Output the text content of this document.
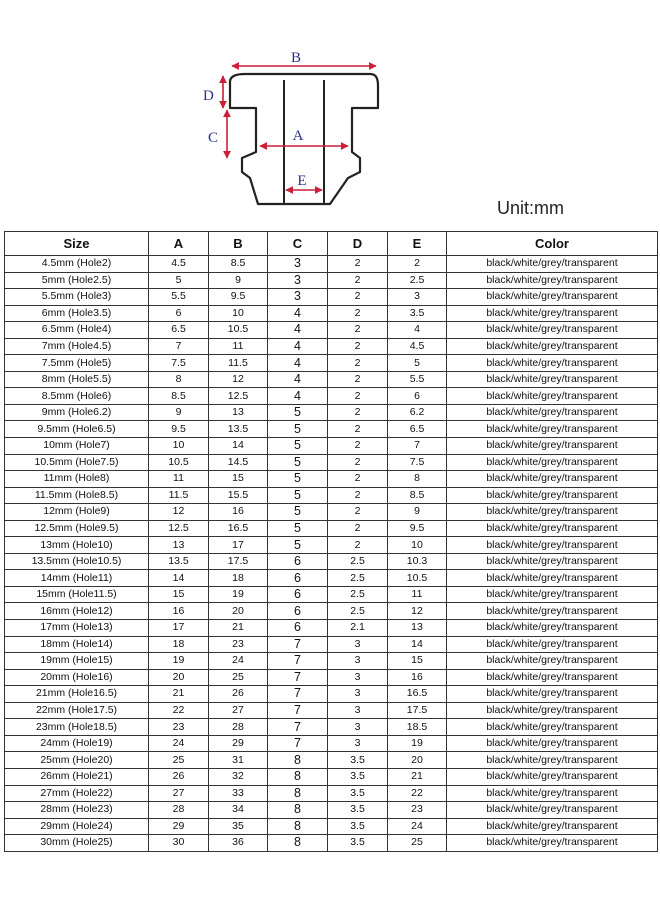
B
D
C	A
E
Unit:mm
Size	A	B	C	D	E	Color
4.5mm (Hole2)	4.5	8.5	3	2	2	black/white/grey/transparent
5mm (Hole2.5)	5	9	3	2	2.5	black/white/grey/transparent
5.5mm (Hole3)	5.5	9.5	3	2	3	black/white/grey/transparent
6mm (Hole3.5)	6	10	4	2	3.5	black/white/grey/transparent
6.5mm (Hole4)	6.5	10.5	4	2	4	black/white/grey/transparent
7mm (Hole4.5)	7	11	4	2	4.5	black/white/grey/transparent
7.5mm (Hole5)	7.5	11.5	4	2	5	black/white/grey/transparent
8mm (Hole5.5)	8	12	4	2	5.5	black/white/grey/transparent
8.5mm (Hole6)	8.5	12.5	4	2	6	black/white/grey/transparent
9mm (Hole6.2)	9	13	5	2	6.2	black/white/grey/transparent
9.5mm (Hole6.5)	9.5	13.5	5	2	6.5	black/white/grey/transparent
10mm (Hole7)	10	14	5	2	7	black/white/grey/transparent
10.5mm (Hole7.5)	10.5	14.5	5	2	7.5	black/white/grey/transparent
11mm (Hole8)	11	15	5	2	8	black/white/grey/transparent
11.5mm (Hole8.5)	11.5	15.5	5	2	8.5	black/white/grey/transparent
12mm (Hole9)	12	16	5	2	9	black/white/grey/transparent
12.5mm (Hole9.5)	12.5	16.5	5	2	9.5	black/white/grey/transparent
13mm (Hole10)	13	17	5	2	10	black/white/grey/transparent
13.5mm (Hole10.5)	13.5	17.5	6	2.5	10.3	black/white/grey/transparent
14mm (Hole11)	14	18	6	2.5	10.5	black/white/grey/transparent
15mm (Hole11.5)	15	19	6	2.5	11	black/white/grey/transparent
16mm (Hole12)	16	20	6	2.5	12	black/white/grey/transparent
17mm (Hole13)	17	21	6	2.1	13	black/white/grey/transparent
18mm (Hole14)	18	23	7	3	14	black/white/grey/transparent
19mm (Hole15)	19	24	7	3	15	black/white/grey/transparent
20mm (Hole16)	20	25	7	3	16	black/white/grey/transparent
21mm (Hole16.5)	21	26	7	3	16.5	black/white/grey/transparent
22mm (Hole17.5)	22	27	7	3	17.5	black/white/grey/transparent
23mm (Hole18.5)	23	28	7	3	18.5	black/white/grey/transparent
24mm (Hole19)	24	29	7	3	19	black/white/grey/transparent
25mm (Hole20)	25	31	8	3.5	20	black/white/grey/transparent
26mm (Hole21)	26	32	8	3.5	21	black/white/grey/transparent
27mm (Hole22)	27	33	8	3.5	22	black/white/grey/transparent
28mm (Hole23)	28	34	8	3.5	23	black/white/grey/transparent
29mm (Hole24)	29	35	8	3.5	24	black/white/grey/transparent
30mm (Hole25)	30	36	8	3.5	25	black/white/grey/transparent
